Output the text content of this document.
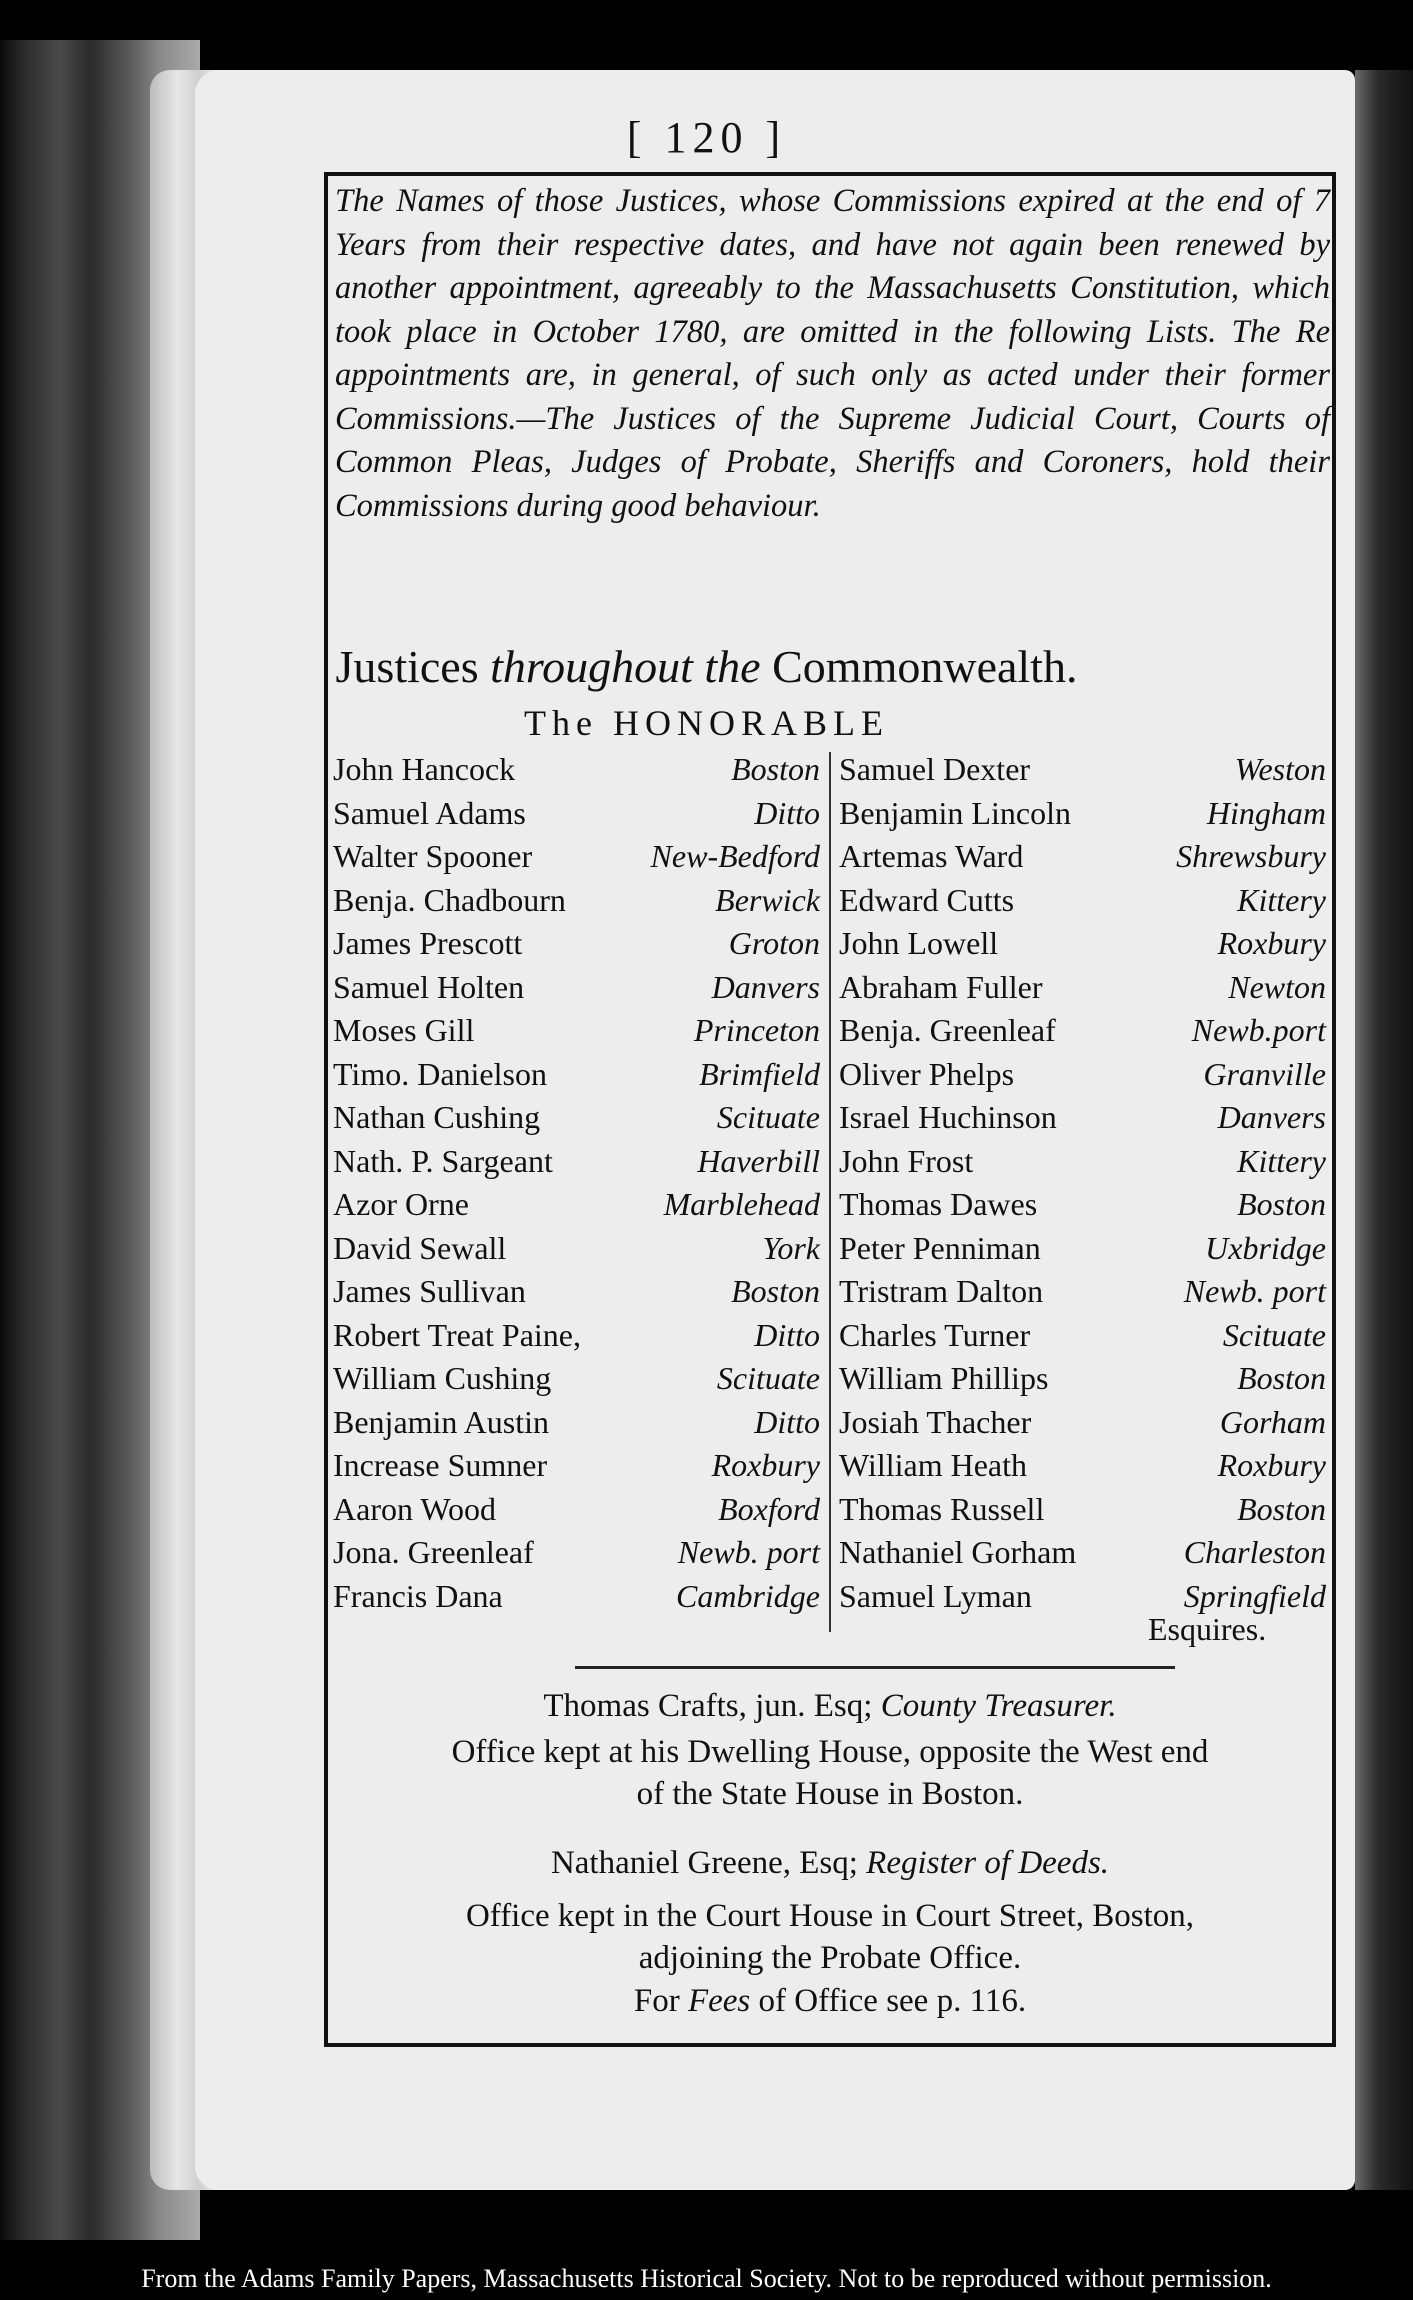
[ 120 ]

The Names of those Justices, whose Commissions expired at the end of 7 Years from their respective dates, and have not again been renewed by another appointment, agreeably to the Massachusetts Constitution, which took place in October 1780, are omitted in the following Lists. The Re appointments are, in general, of such only as acted under their former Commissions.—The Justices of the Supreme Judicial Court, Courts of Common Pleas, Judges of Probate, Sheriffs and Coroners, hold their Commissions during good behaviour.

Justices throughout the Commonwealth.
The HONORABLE
John Hancock	Boston
Samuel Adams	Ditto
Walter Spooner	New-Bedford
Benja. Chadbourn	Berwick
James Prescott	Groton
Samuel Holten	Danvers
Moses Gill	Princeton
Timo. Danielson	Brimfield
Nathan Cushing	Scituate
Nath. P. Sargeant	Haverbill
Azor Orne	Marblehead
David Sewall	York
James Sullivan	Boston
Robert Treat Paine,	Ditto
William Cushing	Scituate
Benjamin Austin	Ditto
Increase Sumner	Roxbury
Aaron Wood	Boxford
Jona. Greenleaf	Newb. port
Francis Dana	Cambridge
Samuel Dexter	Weston
Benjamin Lincoln	Hingham
Artemas Ward	Shrewsbury
Edward Cutts	Kittery
John Lowell	Roxbury
Abraham Fuller	Newton
Benja. Greenleaf	Newb.port
Oliver Phelps	Granville
Israel Huchinson	Danvers
John Frost	Kittery
Thomas Dawes	Boston
Peter Penniman	Uxbridge
Tristram Dalton	Newb. port
Charles Turner	Scituate
William Phillips	Boston
Josiah Thacher	Gorham
William Heath	Roxbury
Thomas Russell	Boston
Nathaniel Gorham	Charleston
Samuel Lyman	Springfield
Esquires.
Thomas Crafts, jun. Esq; County Treasurer.
Office kept at his Dwelling House, opposite the West end
of the State House in Boston.
Nathaniel Greene, Esq; Register of Deeds.
Office kept in the Court House in Court Street, Boston,
adjoining the Probate Office.
For Fees of Office see p. 116.
From the Adams Family Papers, Massachusetts Historical Society. Not to be reproduced without permission.
